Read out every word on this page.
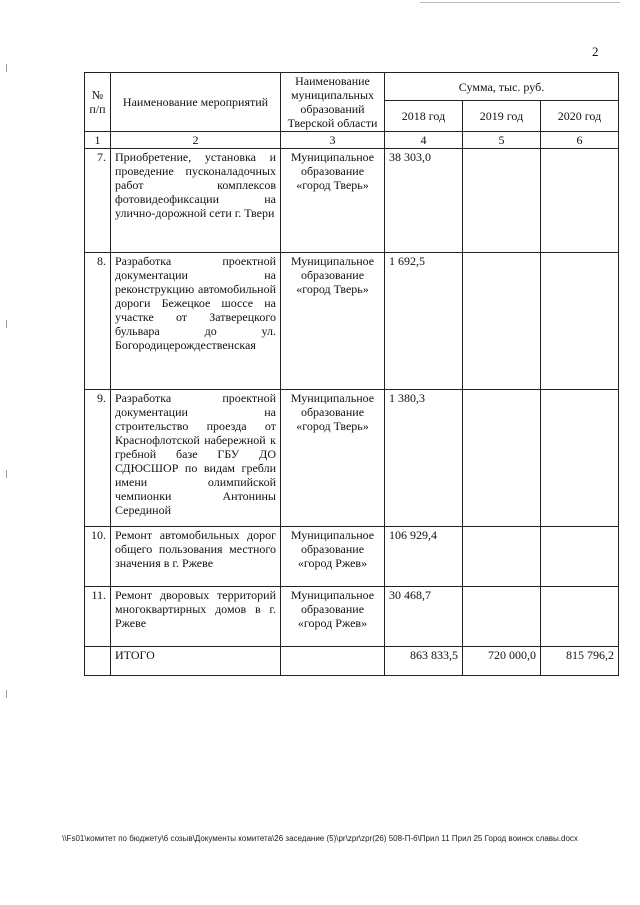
2
№ п/п	Наименование мероприятий	Наименование муниципальных образований Тверской области	Сумма, тыс. руб.		
			2018 год	2019 год	2020 год
1	2	3	4	5	6
7.	Приобретение, установка и проведение пусконаладочных работ комплексов фотовидеофиксации на улично-дорожной сети г. Твери	Муниципальное образование «город Тверь»	38 303,0		
8.	Разработка проектной документации на реконструкцию автомобильной дороги Бежецкое шоссе на участке от Затверецкого бульвара до ул. Богородицерождественская	Муниципальное образование «город Тверь»	1 692,5		
9.	Разработка проектной документации на строительство проезда от Краснофлотской набережной к гребной базе ГБУ ДО СДЮСШОР по видам гребли имени олимпийской чемпионки Антонины Серединой	Муниципальное образование «город Тверь»	1 380,3		
10.	Ремонт автомобильных дорог общего пользования местного значения в г. Ржеве	Муниципальное образование «город Ржев»	106 929,4		
11.	Ремонт дворовых территорий многоквартирных домов в г. Ржеве	Муниципальное образование «город Ржев»	30 468,7		
	ИТОГО		863 833,5	720 000,0	815 796,2
\\Fs01\комитет по бюджету\6 созыв\Документы комитета\26 заседание (5)\pr\zpr\zpr(26) 508-П-6\Прил 11 Прил 25 Город воинск славы.docx
